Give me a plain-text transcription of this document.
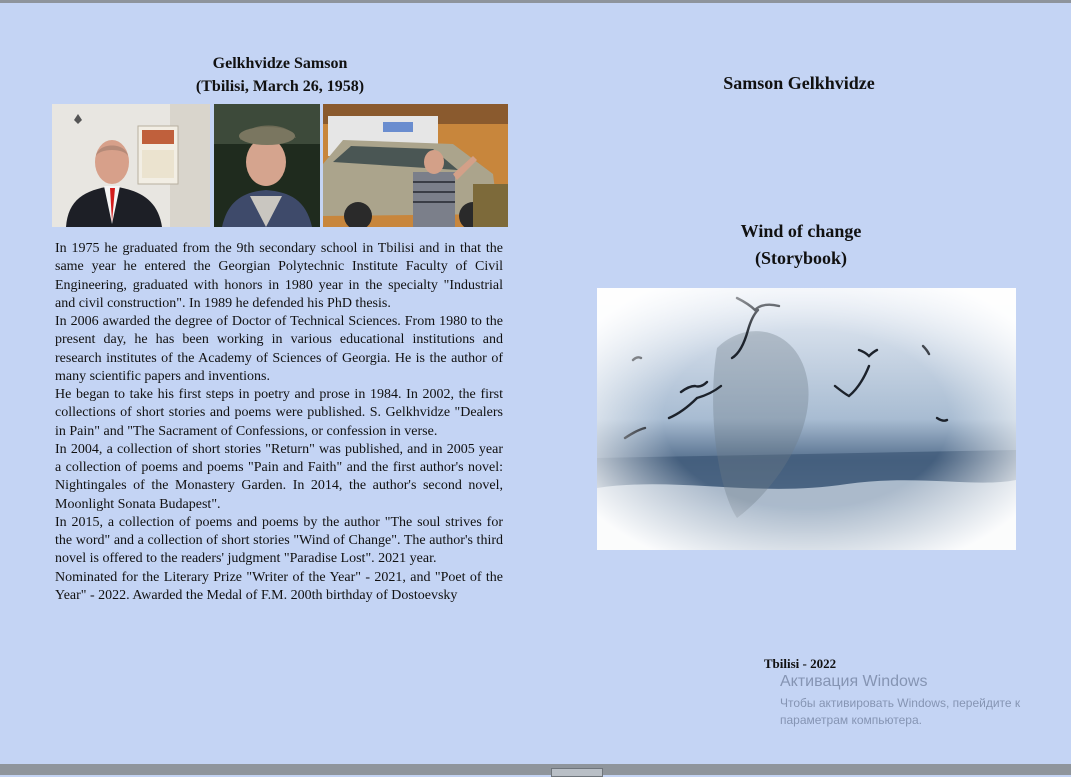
Gelkhvidze Samson
(Tbilisi, March 26, 1958)

In 1975 he graduated from the 9th secondary school in Tbilisi and in that the same year he entered the Georgian Polytechnic Institute Faculty of Civil Engineering, graduated with honors in 1980 year in the specialty "Industrial and civil construction". In 1989 he defended his PhD thesis.

In 2006 awarded the degree of Doctor of Technical Sciences. From 1980 to the present day, he has been working in various educational institutions and research institutes of the Academy of Sciences of Georgia. He is the author of many scientific papers and inventions.

He began to take his first steps in poetry and prose in 1984. In 2002, the first collections of short stories and poems were published. S. Gelkhvidze "Dealers in Pain" and "The Sacrament of Confessions, or confession in verse.

In 2004, a collection of short stories "Return" was published, and in 2005 year a collection of poems and poems "Pain and Faith" and the first author's novel: Nightingales of the Monastery Garden. In 2014, the author's second novel, Moonlight Sonata Budapest".

In 2015, a collection of poems and poems by the author "The soul strives for the word" and a collection of short stories "Wind of Change". The author's third novel is offered to the readers' judgment "Paradise Lost". 2021 year.

Nominated for the Literary Prize "Writer of the Year" - 2021, and "Poet of the Year" - 2022. Awarded the Medal of F.M. 200th birthday of Dostoevsky

Samson Gelkhvidze
Wind of change
(Storybook)
Tbilisi - 2022
Активация Windows
Чтобы активировать Windows, перейдите к параметрам компьютера.
